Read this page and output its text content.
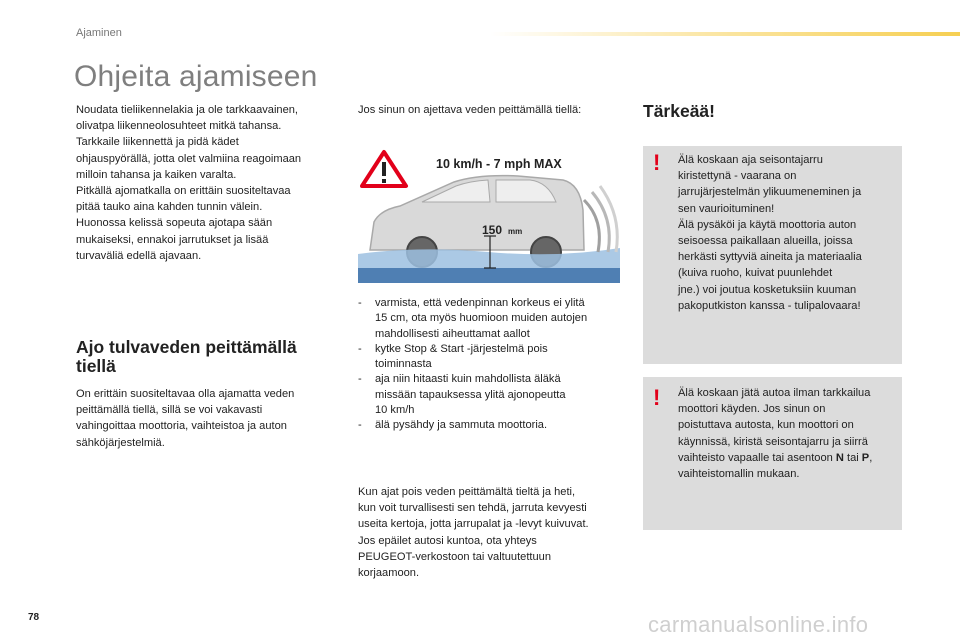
Ajaminen
Ohjeita ajamiseen
Noudata tieliikennelakia ja ole tarkkaavainen,
olivatpa liikenneolosuhteet mitkä tahansa.
Tarkkaile liikennettä ja pidä kädet
ohjauspyörällä, jotta olet valmiina reagoimaan
milloin tahansa ja kaiken varalta.
Pitkällä ajomatkalla on erittäin suositeltavaa
pitää tauko aina kahden tunnin välein.
Huonossa kelissä sopeuta ajotapa sään
mukaiseksi, ennakoi jarrutukset ja lisää
turvaväliä edellä ajavaan.
Ajo tulvaveden peittämällä
tiellä
On erittäin suositeltavaa olla ajamatta veden
peittämällä tiellä, sillä se voi vakavasti
vahingoittaa moottoria, vaihteistoa ja auton
sähköjärjestelmiä.
Jos sinun on ajettava veden peittämällä tiellä:
10 km/h - 7 mph MAX
150 mm
- varmista, että vedenpinnan korkeus ei ylitä
15 cm, ota myös huomioon muiden autojen
mahdollisesti aiheuttamat aallot
- kytke Stop & Start -järjestelmä pois
toiminnasta
- aja niin hitaasti kuin mahdollista äläkä
missään tapauksessa ylitä ajonopeutta
10 km/h
- älä pysähdy ja sammuta moottoria.
Kun ajat pois veden peittämältä tieltä ja heti,
kun voit turvallisesti sen tehdä, jarruta kevyesti
useita kertoja, jotta jarrupalat ja -levyt kuivuvat.
Jos epäilet autosi kuntoa, ota yhteys
PEUGEOT-verkostoon tai valtuutettuun
korjaamoon.
Tärkeää!
! Älä koskaan aja seisontajarru
kiristettynä - vaarana on
jarrujärjestelmän ylikuumeneminen ja
sen vaurioituminen!
Älä pysäköi ja käytä moottoria auton
seisoessa paikallaan alueilla, joissa
herkästi syttyviä aineita ja materiaalia
(kuiva ruoho, kuivat puunlehdet
jne.) voi joutua kosketuksiin kuuman
pakoputkiston kanssa - tulipalovaara!
! Älä koskaan jätä autoa ilman tarkkailua
moottori käyden. Jos sinun on
poistuttava autosta, kun moottori on
käynnissä, kiristä seisontajarru ja siirrä
vaihteisto vapaalle tai asentoon N tai P,
vaihteistomallin mukaan.
78	carmanualsonline.info
